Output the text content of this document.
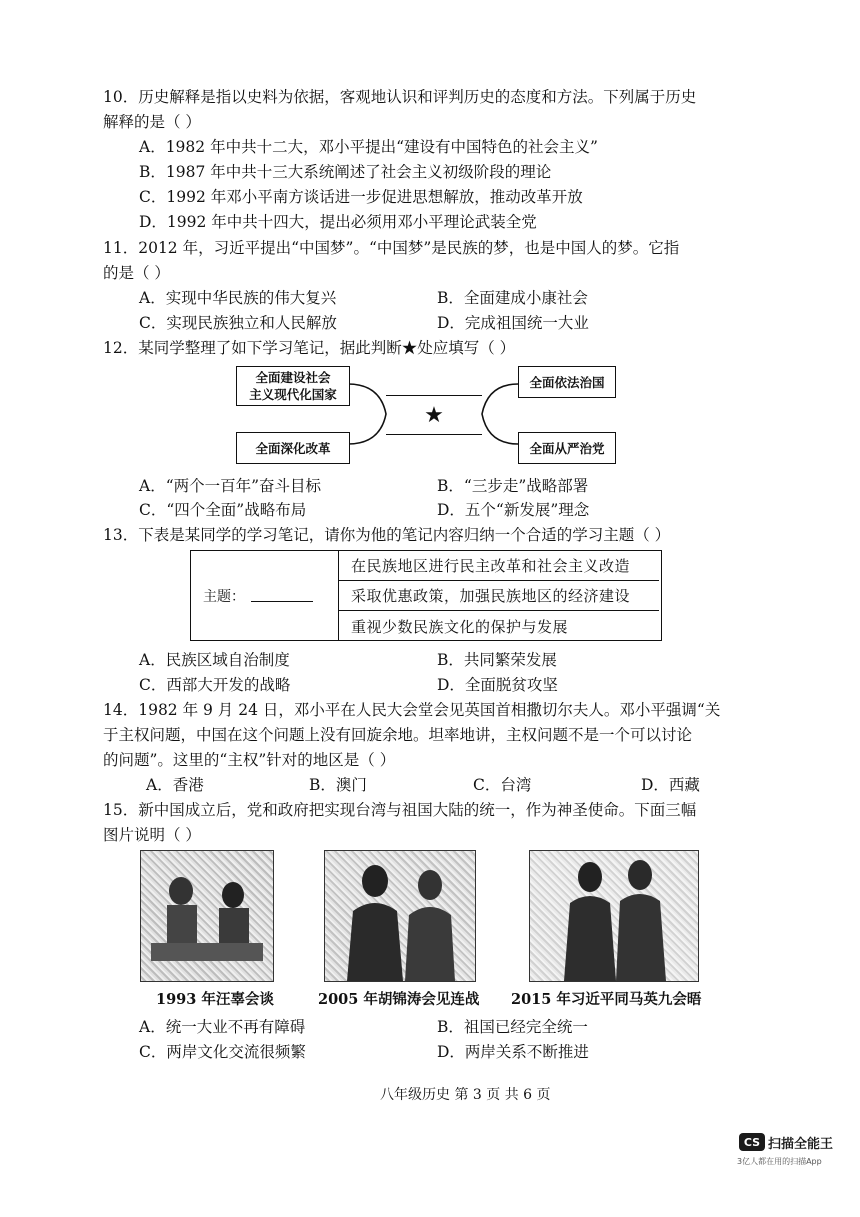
10．历史解释是指以史料为依据，客观地认识和评判历史的态度和方法。下列属于历史
解释的是（ ）
A．1982 年中共十二大，邓小平提出“建设有中国特色的社会主义”
B．1987 年中共十三大系统阐述了社会主义初级阶段的理论
C．1992 年邓小平南方谈话进一步促进思想解放，推动改革开放
D．1992 年中共十四大，提出必须用邓小平理论武装全党
11．2012 年，习近平提出“中国梦”。“中国梦”是民族的梦，也是中国人的梦。它指
的是（ ）
A．实现中华民族的伟大复兴	B．全面建成小康社会
C．实现民族独立和人民解放	D．完成祖国统一大业
12．某同学整理了如下学习笔记，据此判断★处应填写（ ）
全面建设社会
主义现代化国家
全面深化改革
★
全面依法治国
全面从严治党
A．“两个一百年”奋斗目标	B．“三步走”战略部署
C．“四个全面”战略布局	D．五个“新发展”理念
13．下表是某同学的学习笔记，请你为他的笔记内容归纳一个合适的学习主题（ ）
主题：
在民族地区进行民主改革和社会主义改造
采取优惠政策，加强民族地区的经济建设
重视少数民族文化的保护与发展
A．民族区域自治制度	B．共同繁荣发展
C．西部大开发的战略	D．全面脱贫攻坚
14．1982 年 9 月 24 日，邓小平在人民大会堂会见英国首相撒切尔夫人。邓小平强调“关
于主权问题，中国在这个问题上没有回旋余地。坦率地讲，主权问题不是一个可以讨论
的问题”。这里的“主权”针对的地区是（ ）
A．香港	B．澳门	C．台湾	D．西藏
15．新中国成立后，党和政府把实现台湾与祖国大陆的统一，作为神圣使命。下面三幅
图片说明（ ）
1993 年汪辜会谈	2005 年胡锦涛会见连战 2015 年习近平同马英九会晤
A．统一大业不再有障碍	B．祖国已经完全统一
C．两岸文化交流很频繁	D．两岸关系不断推进
八年级历史 第 3 页 共 6 页
CS 扫描全能王
3亿人都在用的扫描App
